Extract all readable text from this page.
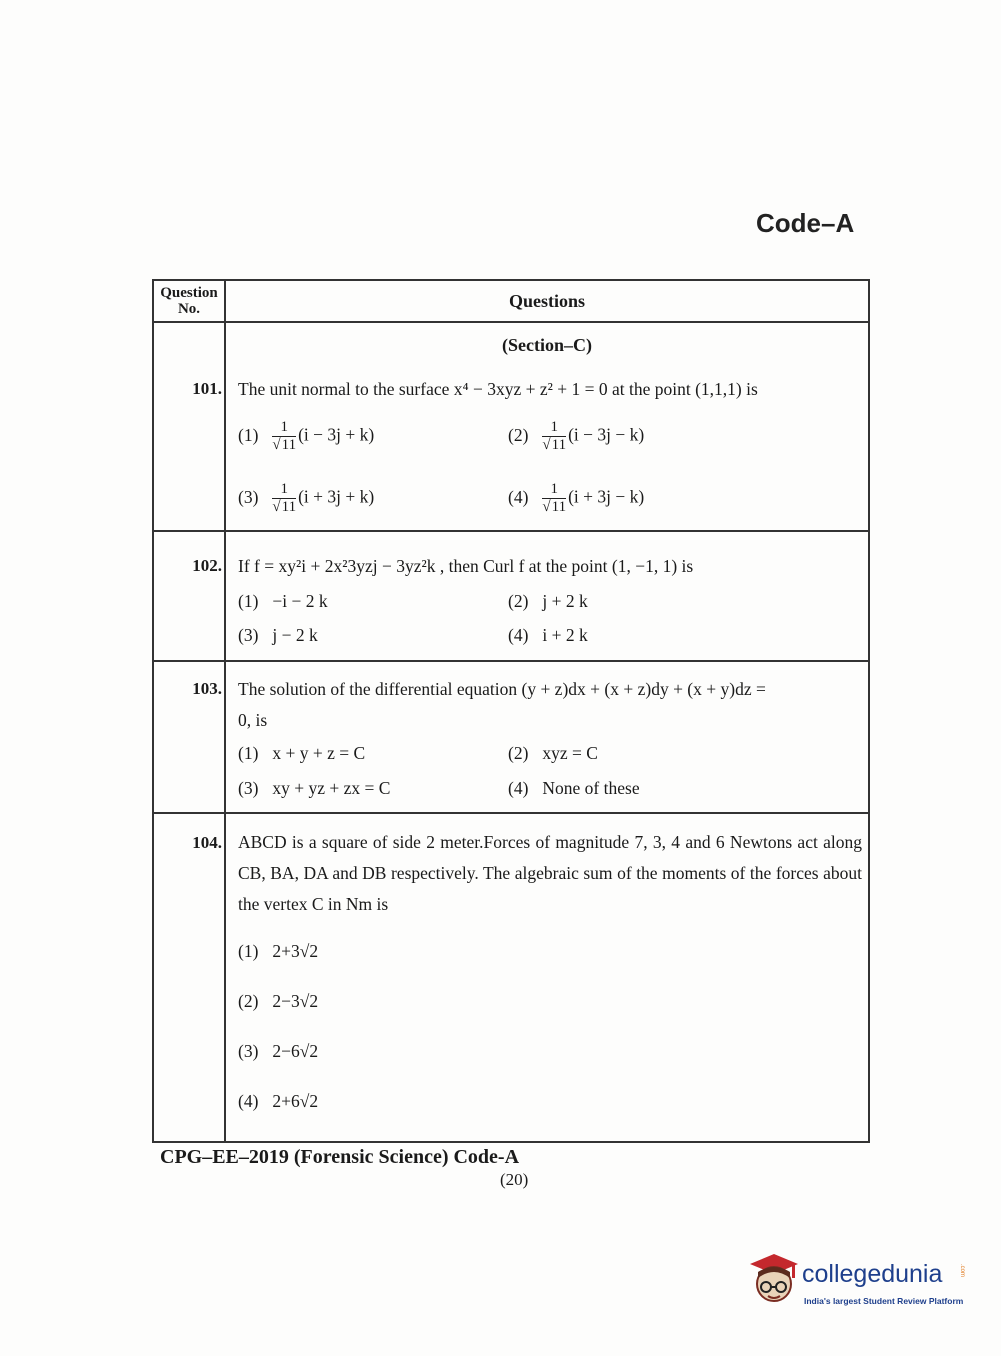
Code–A
Question
No.	Questions
(Section–C)
101. The unit normal to the surface x⁴ − 3xyz + z² + 1 = 0 at the point (1,1,1) is
$(1) \frac{1}{√11} (i - 3j + k)$	$(2) \frac{1}{√11} (i - 3j - k)$
$(3) \frac{1}{√11} (i + 3j + k)$	$(4) \frac{1}{√11} (i + 3j - k)$
102. If f = xy²i + 2x²3yzj − 3yz²k , then Curl f at the point (1, −1, 1) is
(1) −i − 2 k	(2) j + 2 k
(3) j − 2 k	(4) i + 2 k
103. The solution of the differential equation (y + z)dx + (x + z)dy + (x + y)dz = 0, is
(1) x + y + z = C	(2) xyz = C
(3) xy + yz + zx = C	(4) None of these
104. ABCD is a square of side 2 meter.Forces of magnitude 7, 3, 4 and 6 Newtons act along CB, BA, DA and DB respectively. The algebraic sum of the moments of the forces about the vertex C in Nm is
(1) 2+3√2
(2) 2−3√2
(3) 2−6√2
(4) 2+6√2
CPG–EE–2019 (Forensic Science) Code-A
(20)
collegedunia	.com
India's largest Student Review Platform
